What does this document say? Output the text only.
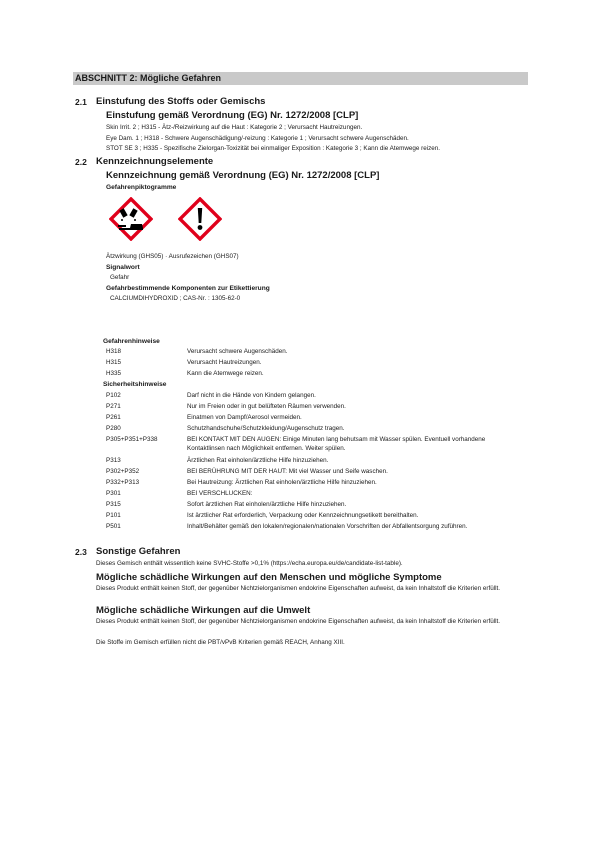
ABSCHNITT 2: Mögliche Gefahren
2.1 Einstufung des Stoffs oder Gemischs
Einstufung gemäß Verordnung (EG) Nr. 1272/2008 [CLP]
Skin Irrit. 2 ; H315 - Ätz-/Reizwirkung auf die Haut : Kategorie 2 ; Verursacht Hautreizungen.
Eye Dam. 1 ; H318 - Schwere Augenschädigung/-reizung : Kategorie 1 ; Verursacht schwere Augenschäden.
STOT SE 3 ; H335 - Spezifische Zielorgan-Toxizität bei einmaliger Exposition : Kategorie 3 ; Kann die Atemwege reizen.
2.2 Kennzeichnungselemente
Kennzeichnung gemäß Verordnung (EG) Nr. 1272/2008 [CLP]
Gefahrenpiktogramme
Ätzwirkung (GHS05) · Ausrufezeichen (GHS07)
Signalwort
Gefahr
Gefahrbestimmende Komponenten zur Etikettierung
CALCIUMDIHYDROXID ; CAS-Nr. : 1305-62-0
Gefahrenhinweise
H318	Verursacht schwere Augenschäden.
H315	Verursacht Hautreizungen.
H335	Kann die Atemwege reizen.
Sicherheitshinweise
P102	Darf nicht in die Hände von Kindern gelangen.
P271	Nur im Freien oder in gut belüfteten Räumen verwenden.
P261	Einatmen von Dampf/Aerosol vermeiden.
P280	Schutzhandschuhe/Schutzkleidung/Augenschutz tragen.
P305+P351+P338	BEI KONTAKT MIT DEN AUGEN: Einige Minuten lang behutsam mit Wasser spülen. Eventuell vorhandene Kontaktlinsen nach Möglichkeit entfernen. Weiter spülen.
P313	Ärztlichen Rat einholen/ärztliche Hilfe hinzuziehen.
P302+P352	BEI BERÜHRUNG MIT DER HAUT: Mit viel Wasser und Seife waschen.
P332+P313	Bei Hautreizung: Ärztlichen Rat einholen/ärztliche Hilfe hinzuziehen.
P301	BEI VERSCHLUCKEN:
P315	Sofort ärztlichen Rat einholen/ärztliche Hilfe hinzuziehen.
P101	Ist ärztlicher Rat erforderlich, Verpackung oder Kennzeichnungsetikett bereithalten.
P501	Inhalt/Behälter gemäß den lokalen/regionalen/nationalen Vorschriften der Abfallentsorgung zuführen.
2.3 Sonstige Gefahren
Dieses Gemisch enthält wissentlich keine SVHC-Stoffe >0,1% (https://echa.europa.eu/de/candidate-list-table).
Mögliche schädliche Wirkungen auf den Menschen und mögliche Symptome
Dieses Produkt enthält keinen Stoff, der gegenüber Nichtzielorganismen endokrine Eigenschaften aufweist, da kein Inhaltstoff die Kriterien erfüllt.
Mögliche schädliche Wirkungen auf die Umwelt
Dieses Produkt enthält keinen Stoff, der gegenüber Nichtzielorganismen endokrine Eigenschaften aufweist, da kein Inhaltstoff die Kriterien erfüllt.
Die Stoffe im Gemisch erfüllen nicht die PBT/vPvB Kriterien gemäß REACH, Anhang XIII.
